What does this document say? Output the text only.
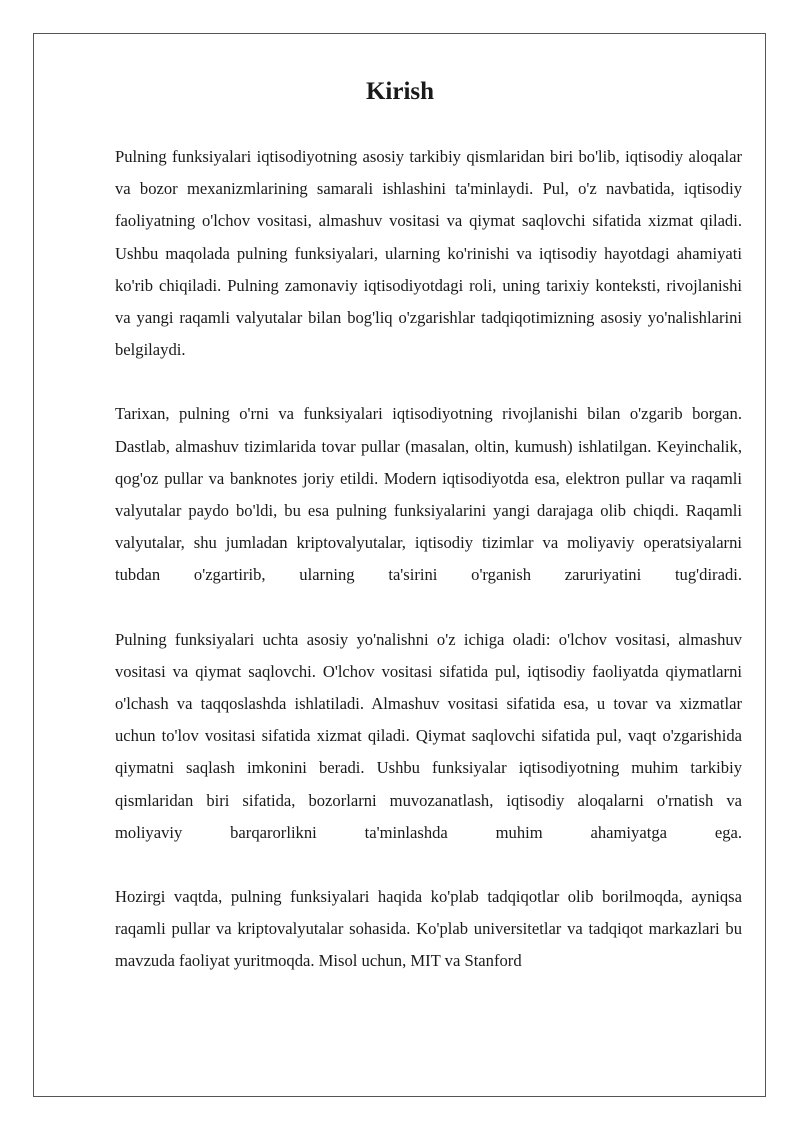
Kirish

Pulning funksiyalari iqtisodiyotning asosiy tarkibiy qismlaridan biri bo'lib, iqtisodiy aloqalar va bozor mexanizmlarining samarali ishlashini ta'minlaydi. Pul, o'z navbatida, iqtisodiy faoliyatning o'lchov vositasi, almashuv vositasi va qiymat saqlovchi sifatida xizmat qiladi. Ushbu maqolada pulning funksiyalari, ularning ko'rinishi va iqtisodiy hayotdagi ahamiyati ko'rib chiqiladi. Pulning zamonaviy iqtisodiyotdagi roli, uning tarixiy konteksti, rivojlanishi va yangi raqamli valyutalar bilan bog'liq o'zgarishlar tadqiqotimizning asosiy yo'nalishlarini belgilaydi.

Tarixan, pulning o'rni va funksiyalari iqtisodiyotning rivojlanishi bilan o'zgarib borgan. Dastlab, almashuv tizimlarida tovar pullar (masalan, oltin, kumush) ishlatilgan. Keyinchalik, qog'oz pullar va banknotes joriy etildi. Modern iqtisodiyotda esa, elektron pullar va raqamli valyutalar paydo bo'ldi, bu esa pulning funksiyalarini yangi darajaga olib chiqdi. Raqamli valyutalar, shu jumladan kriptovalyutalar, iqtisodiy tizimlar va moliyaviy operatsiyalarni tubdan o'zgartirib, ularning ta'sirini o'rganish zaruriyatini tug'diradi.

Pulning funksiyalari uchta asosiy yo'nalishni o'z ichiga oladi: o'lchov vositasi, almashuv vositasi va qiymat saqlovchi. O'lchov vositasi sifatida pul, iqtisodiy faoliyatda qiymatlarni o'lchash va taqqoslashda ishlatiladi. Almashuv vositasi sifatida esa, u tovar va xizmatlar uchun to'lov vositasi sifatida xizmat qiladi. Qiymat saqlovchi sifatida pul, vaqt o'zgarishida qiymatni saqlash imkonini beradi. Ushbu funksiyalar iqtisodiyotning muhim tarkibiy qismlaridan biri sifatida, bozorlarni muvozanatlash, iqtisodiy aloqalarni o'rnatish va moliyaviy barqarorlikni ta'minlashda muhim ahamiyatga ega.

Hozirgi vaqtda, pulning funksiyalari haqida ko'plab tadqiqotlar olib borilmoqda, ayniqsa raqamli pullar va kriptovalyutalar sohasida. Ko'plab universitetlar va tadqiqot markazlari bu mavzuda faoliyat yuritmoqda. Misol uchun, MIT va Stanford
